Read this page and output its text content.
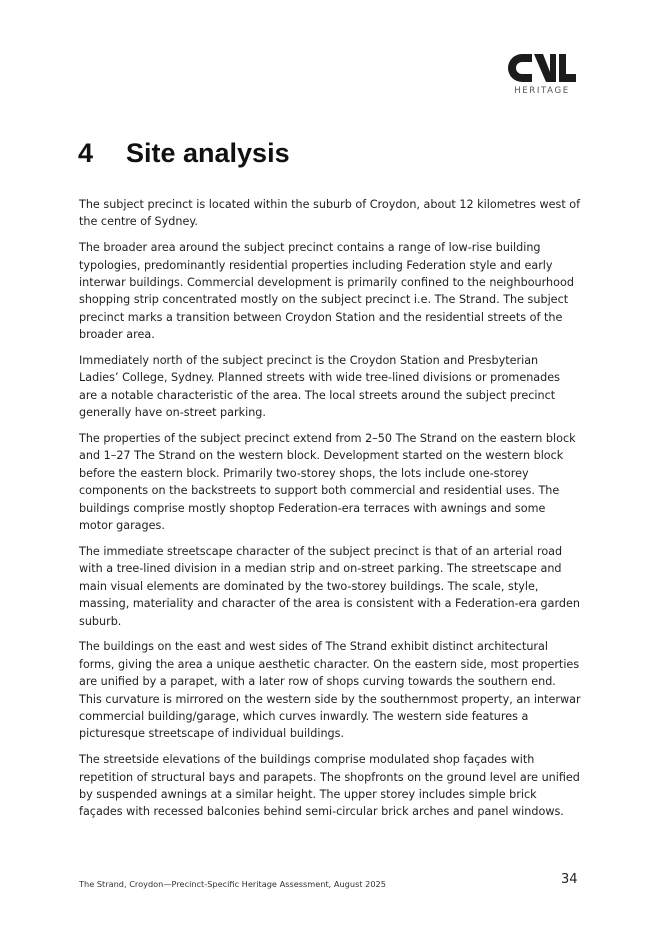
HERITAGE
4 Site analysis

The subject precinct is located within the suburb of Croydon, about 12 kilometres west of the centre of Sydney.

The broader area around the subject precinct contains a range of low-rise building typologies, predominantly residential properties including Federation style and early interwar buildings. Commercial development is primarily confined to the neighbourhood shopping strip concentrated mostly on the subject precinct i.e. The Strand. The subject precinct marks a transition between Croydon Station and the residential streets of the broader area.

Immediately north of the subject precinct is the Croydon Station and Presbyterian Ladies’ College, Sydney. Planned streets with wide tree-lined divisions or promenades are a notable characteristic of the area. The local streets around the subject precinct generally have on-street parking.

The properties of the subject precinct extend from 2–50 The Strand on the eastern block and 1–27 The Strand on the western block. Development started on the western block before the eastern block. Primarily two-storey shops, the lots include one-storey components on the backstreets to support both commercial and residential uses. The buildings comprise mostly shoptop Federation-era terraces with awnings and some motor garages.

The immediate streetscape character of the subject precinct is that of an arterial road with a tree-lined division in a median strip and on-street parking. The streetscape and main visual elements are dominated by the two-storey buildings. The scale, style, massing, materiality and character of the area is consistent with a Federation-era garden suburb.

The buildings on the east and west sides of The Strand exhibit distinct architectural forms, giving the area a unique aesthetic character. On the eastern side, most properties are unified by a parapet, with a later row of shops curving towards the southern end. This curvature is mirrored on the western side by the southernmost property, an interwar commercial building/garage, which curves inwardly. The western side features a picturesque streetscape of individual buildings.

The streetside elevations of the buildings comprise modulated shop façades with repetition of structural bays and parapets. The shopfronts on the ground level are unified by suspended awnings at a similar height. The upper storey includes simple brick façades with recessed balconies behind semi-circular brick arches and panel windows.

The Strand, Croydon—Precinct-Specific Heritage Assessment, August 2025	34
